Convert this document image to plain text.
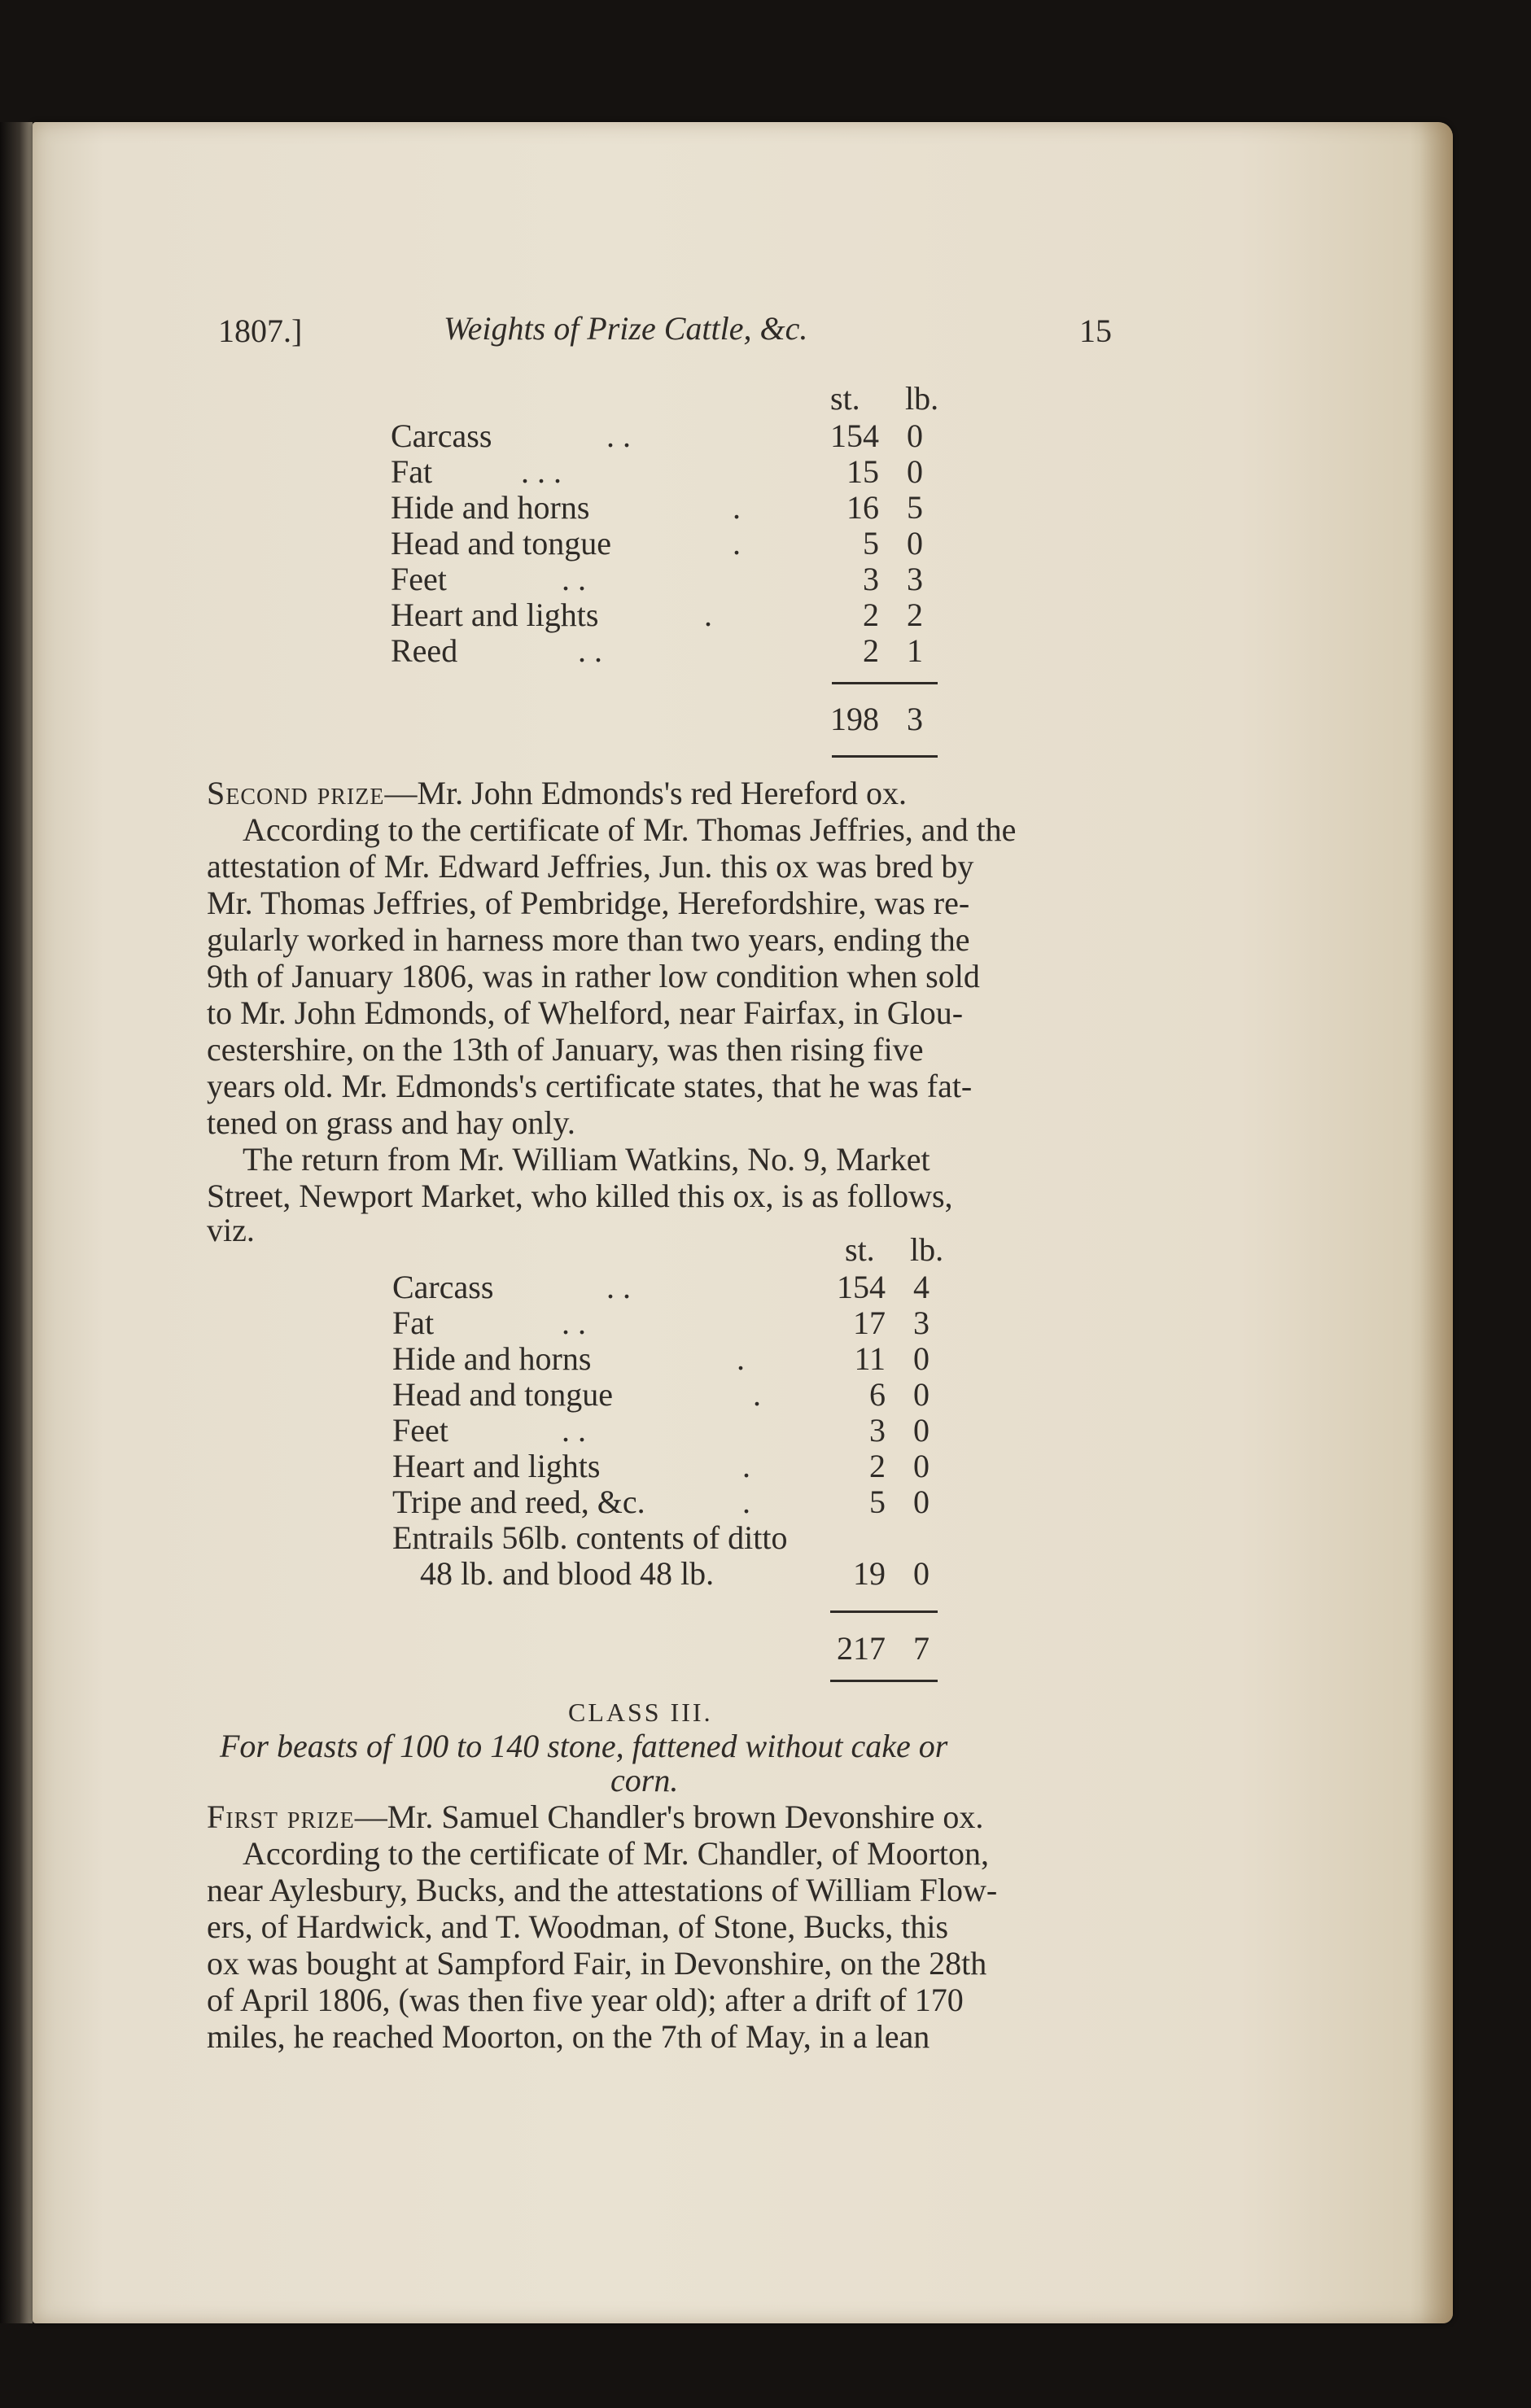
1807.]	Weights of Prize Cattle, &c.	15
st. lb.
Carcass	. .	154 0
Fat	. . .	15 0
Hide and horns	.	16 5
Head and tongue	.	5 0
Feet	. .	3 3
Heart and lights	.	2 2
Reed	. .	2 1
198 3
Second prize—Mr. John Edmonds's red Hereford ox.
According to the certificate of Mr. Thomas Jeffries, and the
attestation of Mr. Edward Jeffries, Jun. this ox was bred by
Mr. Thomas Jeffries, of Pembridge, Herefordshire, was re-
gularly worked in harness more than two years, ending the
9th of January 1806, was in rather low condition when sold
to Mr. John Edmonds, of Whelford, near Fairfax, in Glou-
cestershire, on the 13th of January, was then rising five
years old. Mr. Edmonds's certificate states, that he was fat-
tened on grass and hay only.
The return from Mr. William Watkins, No. 9, Market
Street, Newport Market, who killed this ox, is as follows,
viz.
st. lb.
Carcass	. .	154 4
Fat	. .	17 3
Hide and horns	.	11 0
Head and tongue	.	6 0
Feet	. .	3 0
Heart and lights	.	2 0
Tripe and reed, &c.	.	5 0
Entrails 56lb. contents of ditto
48 lb. and blood 48 lb.	19 0
217 7
CLASS III.
For beasts of 100 to 140 stone, fattened without cake or
corn.
First prize—Mr. Samuel Chandler's brown Devonshire ox.
According to the certificate of Mr. Chandler, of Moorton,
near Aylesbury, Bucks, and the attestations of William Flow-
ers, of Hardwick, and T. Woodman, of Stone, Bucks, this
ox was bought at Sampford Fair, in Devonshire, on the 28th
of April 1806, (was then five year old); after a drift of 170
miles, he reached Moorton, on the 7th of May, in a lean
